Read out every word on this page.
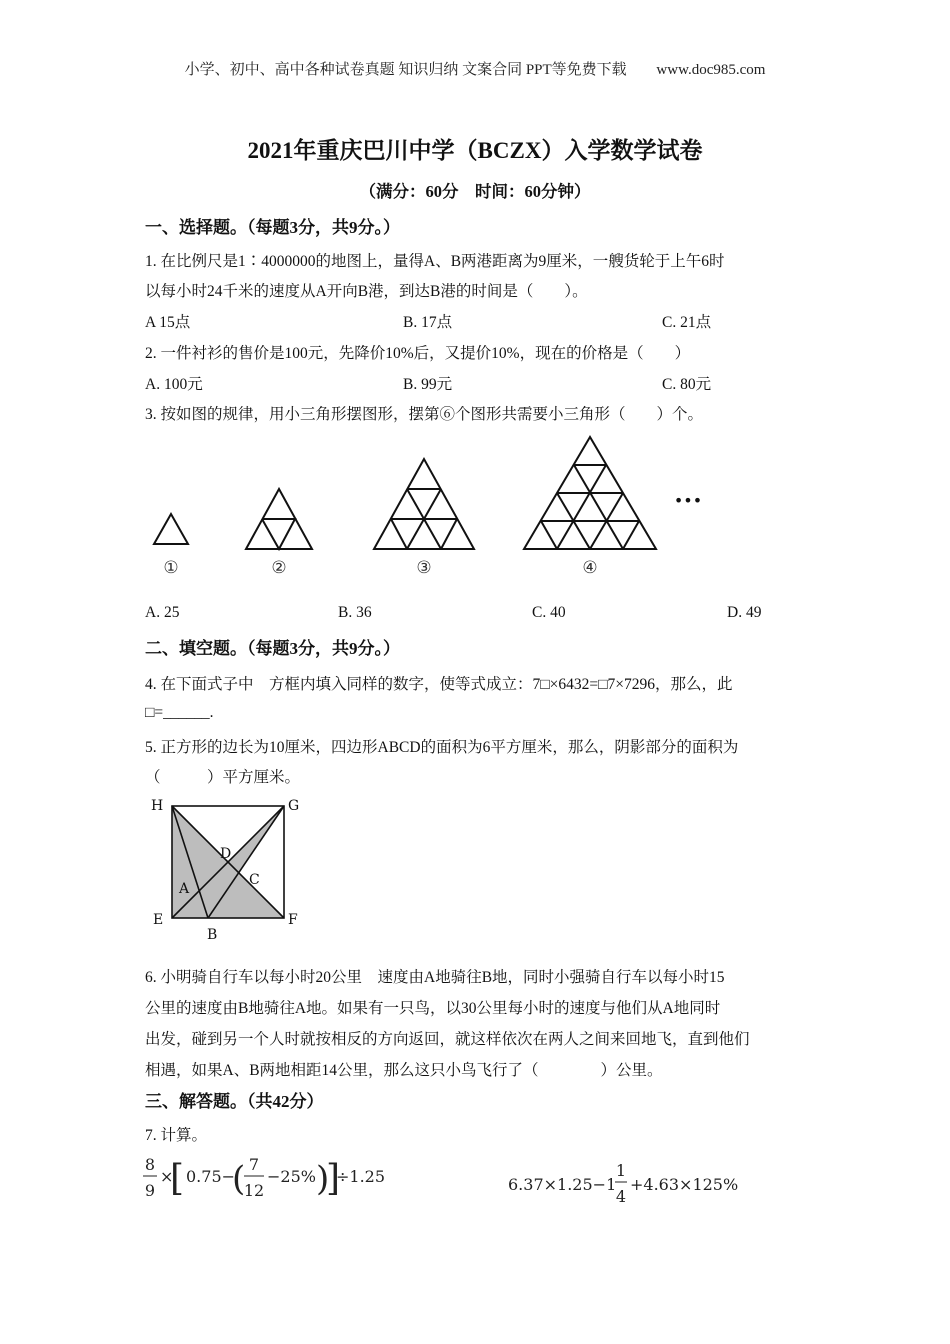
小学、初中、高中各种试卷真题 知识归纳 文案合同 PPT等免费下载 www.doc985.com
2021年重庆巴川中学（BCZX）入学数学试卷
（满分：60分　时间：60分钟）
一、选择题。（每题3分，共9分。）
1. 在比例尺是1∶4000000的地图上，量得A、B两港距离为9厘米，一艘货轮于上午6时
以每小时24千米的速度从A开向B港，到达B港的时间是（　　）。
A 15点	B. 17点	C. 21点
2. 一件衬衫的售价是100元，先降价10%后，又提价10%，现在的价格是（　　）
A. 100元	B. 99元	C. 80元
3. 按如图的规律，用小三角形摆图形，摆第⑥个图形共需要小三角形（　　）个。
①	②	③	④
•••
A. 25	B. 36	C. 40	D. 49
二、填空题。（每题3分，共9分。）
4. 在下面式子中　方框内填入同样的数字，使等式成立：7□×6432=□7×7296，那么，此
□=______.
5. 正方形的边长为10厘米，四边形ABCD的面积为6平方厘米，那么，阴影部分的面积为
（　　　）平方厘米。
H	G
D
A
C
E	F
B
6. 小明骑自行车以每小时20公里　速度由A地骑往B地，同时小强骑自行车以每小时15
公里的速度由B地骑往A地。如果有一只鸟，以30公里每小时的速度与他们从A地同时
出发，碰到另一个人时就按相反的方向返回，就这样依次在两人之间来回地飞，直到他们
相遇，如果A、B两地相距14公里，那么这只小鸟飞行了（　　　　）公里。
三、解答题。（共42分）
7. 计算。
8
9
×
[ 0.75−
( 7
12
−25% )
]
÷1.25	6.37×1.25−1
1
4
+4.63×125%
